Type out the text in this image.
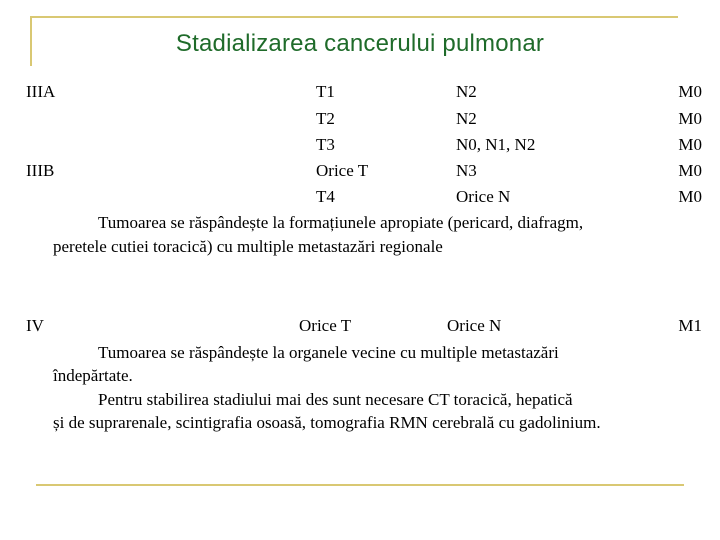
Stadializarea cancerului pulmonar
IIIA	T1	N2	M0
T2	N2	M0
T3	N0, N1, N2	M0
IIIB	Orice T	N3	M0
T4	Orice N	M0
Tumoarea se răspândește la formațiunele apropiate (pericard, diafragm,
peretele cutiei toracică) cu multiple metastazări regionale
IV	Orice T	Orice N	M1
Tumoarea se răspândește la organele vecine cu multiple metastazări
îndepărtate.
Pentru stabilirea stadiului mai des sunt necesare CT toracică, hepatică
și de suprarenale, scintigrafia osoasă, tomografia RMN cerebrală cu gadolinium.
